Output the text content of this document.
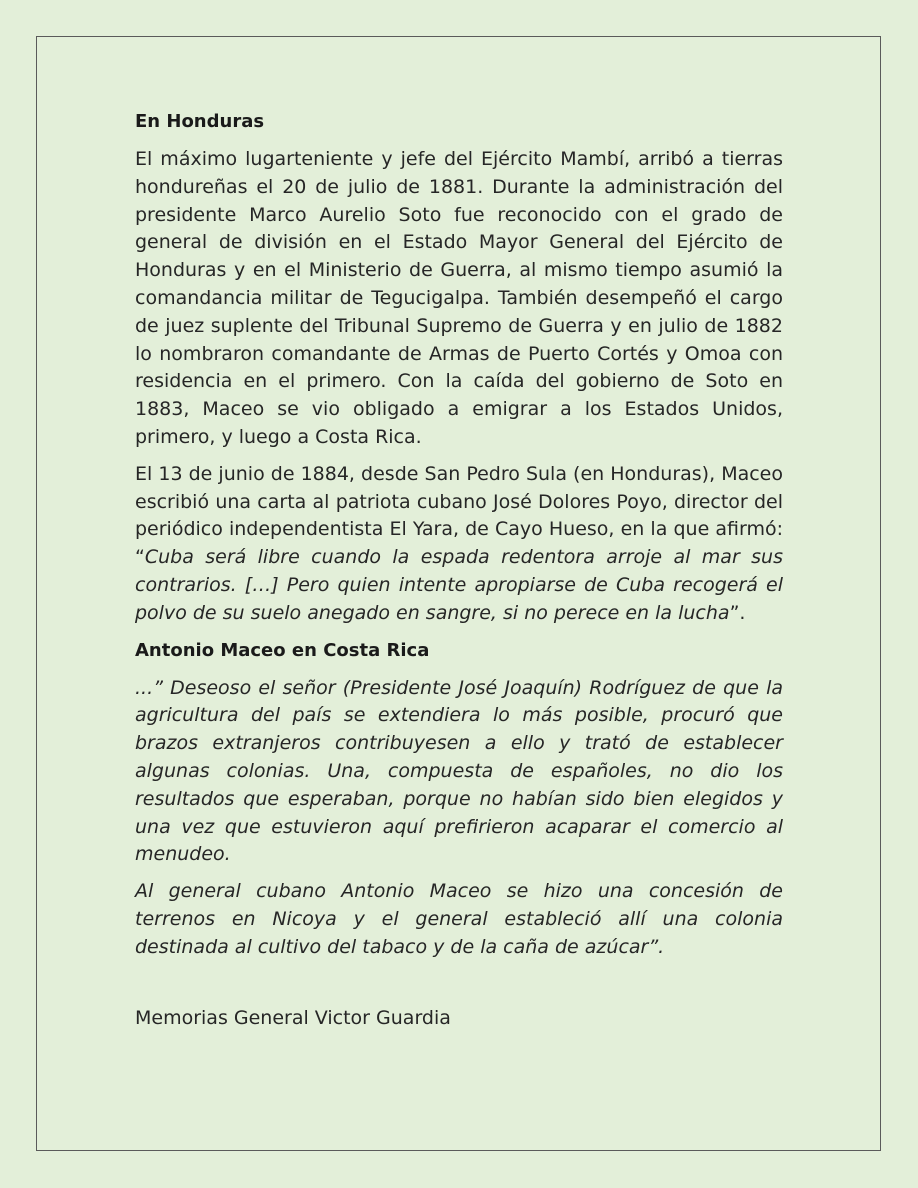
En Honduras

El máximo lugarteniente y jefe del Ejército Mambí, arribó a tierras hondureñas el 20 de julio de 1881. Durante la administración del presidente Marco Aurelio Soto fue reconocido con el grado de general de división en el Estado Mayor General del Ejército de Honduras y en el Ministerio de Guerra, al mismo tiempo asumió la comandancia militar de Tegucigalpa. También desempeñó el cargo de juez suplente del Tribunal Supremo de Guerra y en julio de 1882 lo nombraron comandante de Armas de Puerto Cortés y Omoa con residencia en el primero. Con la caída del gobierno de Soto en 1883, Maceo se vio obligado a emigrar a los Estados Unidos, primero, y luego a Costa Rica.

El 13 de junio de 1884, desde San Pedro Sula (en Honduras), Maceo escribió una carta al patriota cubano José Dolores Poyo, director del periódico independentista El Yara, de Cayo Hueso, en la que afirmó: “Cuba será libre cuando la espada redentora arroje al mar sus contrarios. […] Pero quien intente apropiarse de Cuba recogerá el polvo de su suelo anegado en sangre, si no perece en la lucha”.

Antonio Maceo en Costa Rica

...” Deseoso el señor (Presidente José Joaquín) Rodríguez de que la agricultura del país se extendiera lo más posible, procuró que brazos extranjeros contribuyesen a ello y trató de establecer algunas colonias. Una, compuesta de españoles, no dio los resultados que esperaban, porque no habían sido bien elegidos y una vez que estuvieron aquí prefirieron acaparar el comercio al menudeo.

Al general cubano Antonio Maceo se hizo una concesión de terrenos en Nicoya y el general estableció allí una colonia destinada al cultivo del tabaco y de la caña de azúcar”.

Memorias General Victor Guardia
